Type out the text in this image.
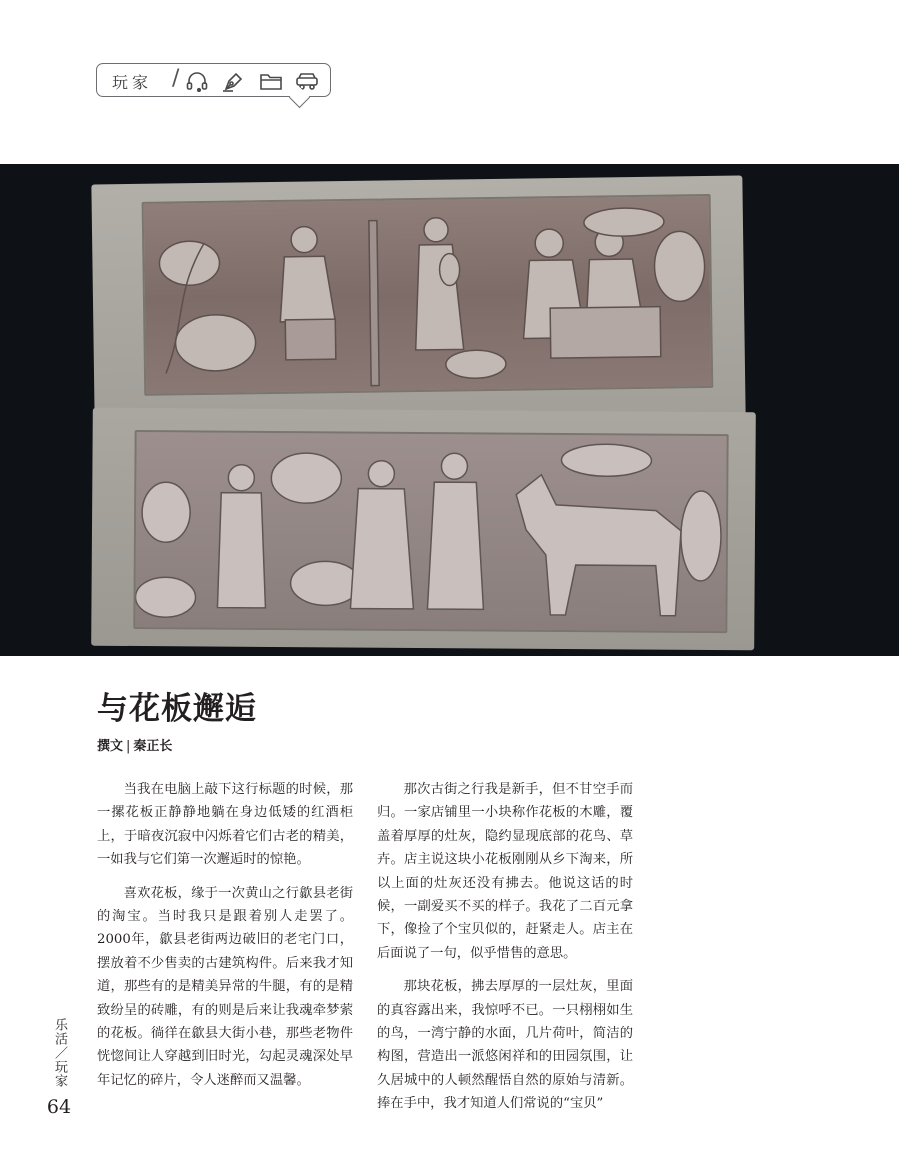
玩家 /
与花板邂逅
撰文 | 秦正长

当我在电脑上敲下这行标题的时候，那一摞花板正静静地躺在身边低矮的红酒柜上，于暗夜沉寂中闪烁着它们古老的精美，一如我与它们第一次邂逅时的惊艳。

喜欢花板，缘于一次黄山之行歙县老街的淘宝。当时我只是跟着别人走罢了。2000年，歙县老街两边破旧的老宅门口，摆放着不少售卖的古建筑构件。后来我才知道，那些有的是精美异常的牛腿，有的是精致纷呈的砖雕，有的则是后来让我魂牵梦萦的花板。徜徉在歙县大街小巷，那些老物件恍惚间让人穿越到旧时光，勾起灵魂深处早年记忆的碎片，令人迷醉而又温馨。

那次古街之行我是新手，但不甘空手而归。一家店铺里一小块称作花板的木雕，覆盖着厚厚的灶灰，隐约显现底部的花鸟、草卉。店主说这块小花板刚刚从乡下淘来，所以上面的灶灰还没有拂去。他说这话的时候，一副爱买不买的样子。我花了二百元拿下，像捡了个宝贝似的，赶紧走人。店主在后面说了一句，似乎惜售的意思。

那块花板，拂去厚厚的一层灶灰，里面的真容露出来，我惊呼不已。一只栩栩如生的鸟，一湾宁静的水面，几片荷叶，简洁的构图，营造出一派悠闲祥和的田园氛围，让久居城中的人顿然醒悟自然的原始与清新。捧在手中，我才知道人们常说的“宝贝”

乐活／玩家
64
